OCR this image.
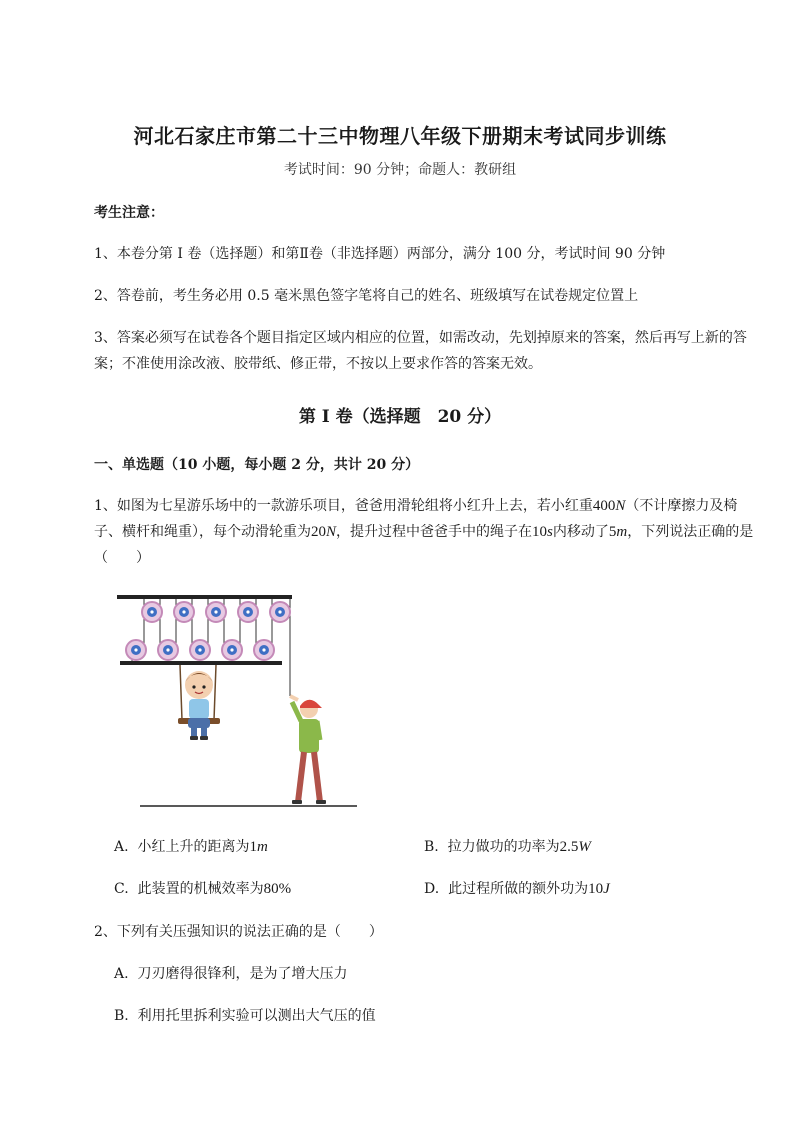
河北石家庄市第二十三中物理八年级下册期末考试同步训练
考试时间：90 分钟；命题人：教研组
考生注意：
1、本卷分第 I 卷（选择题）和第Ⅱ卷（非选择题）两部分，满分 100 分，考试时间 90 分钟
2、答卷前，考生务必用 0.5 毫米黑色签字笔将自己的姓名、班级填写在试卷规定位置上
3、答案必须写在试卷各个题目指定区域内相应的位置，如需改动，先划掉原来的答案，然后再写上新的答案；不准使用涂改液、胶带纸、修正带，不按以上要求作答的答案无效。
第 I 卷（选择题　20 分）
一、单选题（10 小题，每小题 2 分，共计 20 分）
1、如图为七星游乐场中的一款游乐项目，爸爸用滑轮组将小红升上去，若小红重400N（不计摩擦力及椅子、横杆和绳重），每个动滑轮重为20N，提升过程中爸爸手中的绳子在10s内移动了5m，下列说法正确的是（　　）
A. 小红上升的距离为1m	B. 拉力做功的功率为2.5W
C. 此装置的机械效率为80%	D. 此过程所做的额外功为10J
2、下列有关压强知识的说法正确的是（　　）
A. 刀刃磨得很锋利，是为了增大压力
B. 利用托里拆利实验可以测出大气压的值
